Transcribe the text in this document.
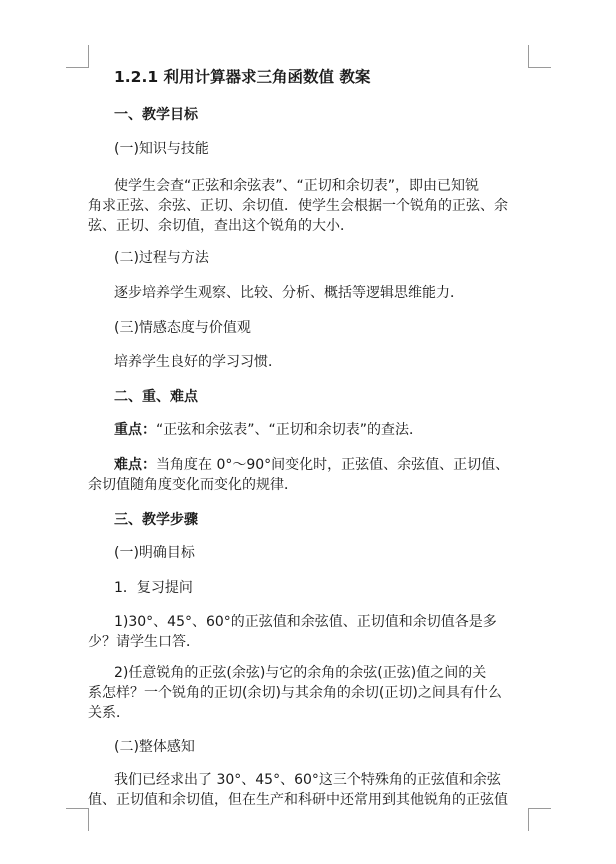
1.2.1 利用计算器求三角函数值 教案
一、教学目标
(一)知识与技能
使学生会查“正弦和余弦表”、“正切和余切表”，即由已知锐
角求正弦、余弦、正切、余切值．使学生会根据一个锐角的正弦、余
弦、正切、余切值，查出这个锐角的大小．
(二)过程与方法
逐步培养学生观察、比较、分析、概括等逻辑思维能力．
(三)情感态度与价值观
培养学生良好的学习习惯．
二、重、难点
重点：“正弦和余弦表”、“正切和余切表”的查法．
难点：当角度在 0°～90°间变化时，正弦值、余弦值、正切值、
余切值随角度变化而变化的规律．
三、教学步骤
(一)明确目标
1．复习提问
1)30°、45°、60°的正弦值和余弦值、正切值和余切值各是多
少？请学生口答．
2)任意锐角的正弦(余弦)与它的余角的余弦(正弦)值之间的关
系怎样？一个锐角的正切(余切)与其余角的余切(正切)之间具有什么
关系．
(二)整体感知
我们已经求出了 30°、45°、60°这三个特殊角的正弦值和余弦
值、正切值和余切值，但在生产和科研中还常用到其他锐角的正弦值
